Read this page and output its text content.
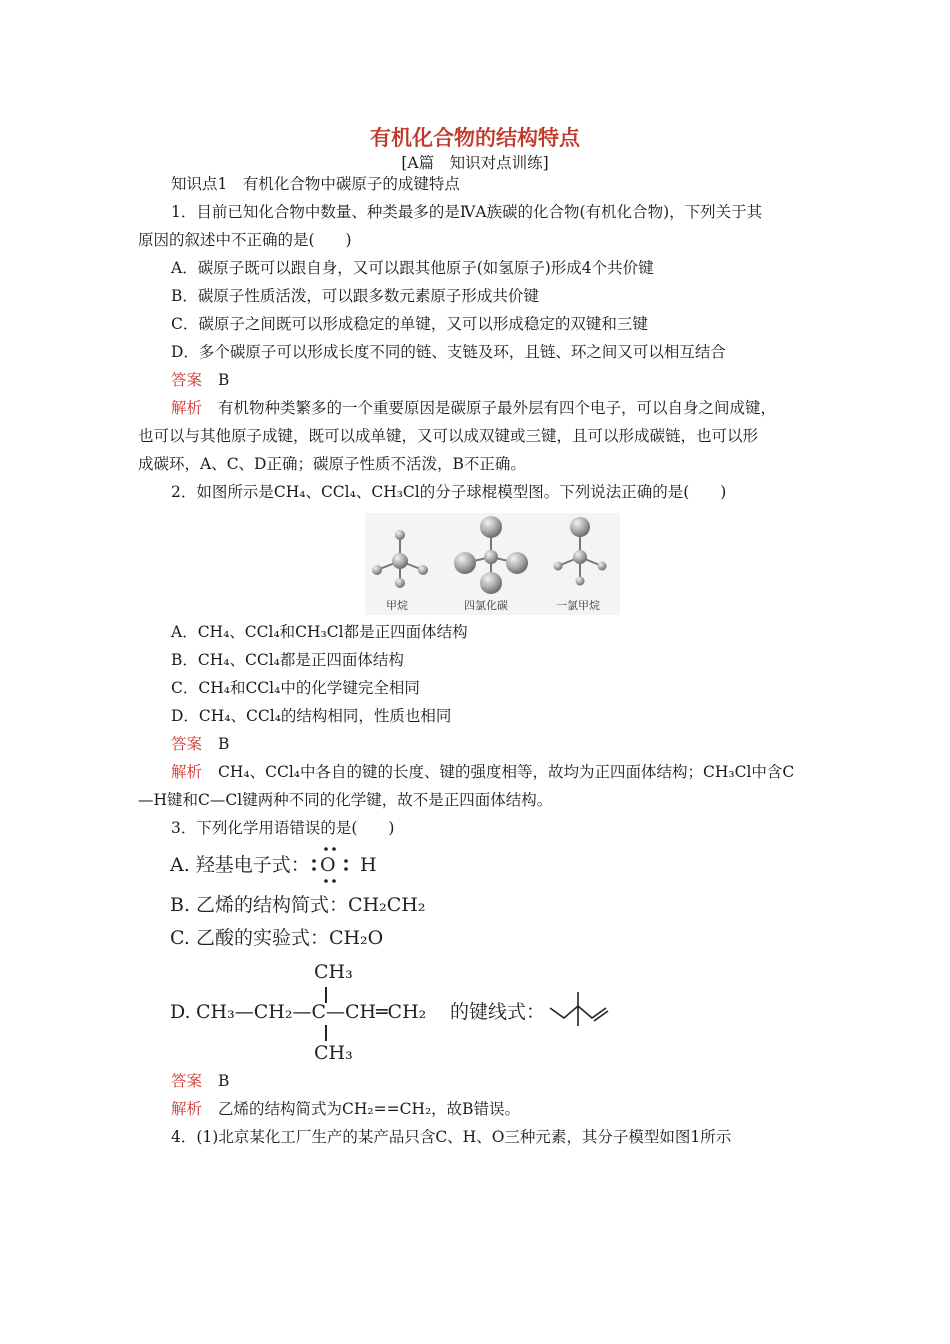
有机化合物的结构特点
[A篇　知识对点训练]
知识点1　有机化合物中碳原子的成键特点
1．目前已知化合物中数量、种类最多的是ⅣA族碳的化合物(有机化合物)，下列关于其
原因的叙述中不正确的是(　　)
A．碳原子既可以跟自身，又可以跟其他原子(如氢原子)形成4个共价键
B．碳原子性质活泼，可以跟多数元素原子形成共价键
C．碳原子之间既可以形成稳定的单键，又可以形成稳定的双键和三键
D．多个碳原子可以形成长度不同的链、支链及环，且链、环之间又可以相互结合
答案 B
解析 有机物种类繁多的一个重要原因是碳原子最外层有四个电子，可以自身之间成键，
也可以与其他原子成键，既可以成单键，又可以成双键或三键，且可以形成碳链，也可以形
成碳环，A、C、D正确；碳原子性质不活泼，B不正确。
2．如图所示是CH₄、CCl₄、CH₃Cl的分子球棍模型图。下列说法正确的是(　　)
甲烷	四氯化碳	一氯甲烷
A．CH₄、CCl₄和CH₃Cl都是正四面体结构
B．CH₄、CCl₄都是正四面体结构
C．CH₄和CCl₄中的化学键完全相同
D．CH₄、CCl₄的结构相同，性质也相同
答案 B
解析 CH₄、CCl₄中各自的键的长度、键的强度相等，故均为正四面体结构；CH₃Cl中含C
—H键和C—Cl键两种不同的化学键，故不是正四面体结构。
3．下列化学用语错误的是(　　)
A. 羟基电子式： O H
B. 乙烯的结构简式：CH₂CH₂
C. 乙酸的实验式：CH₂O
CH₃
D. CH₃—CH₂—C—CH═CH₂
CH₃
的键线式：
答案 B
解析 乙烯的结构简式为CH₂==CH₂，故B错误。
4．(1)北京某化工厂生产的某产品只含C、H、O三种元素，其分子模型如图1所示
